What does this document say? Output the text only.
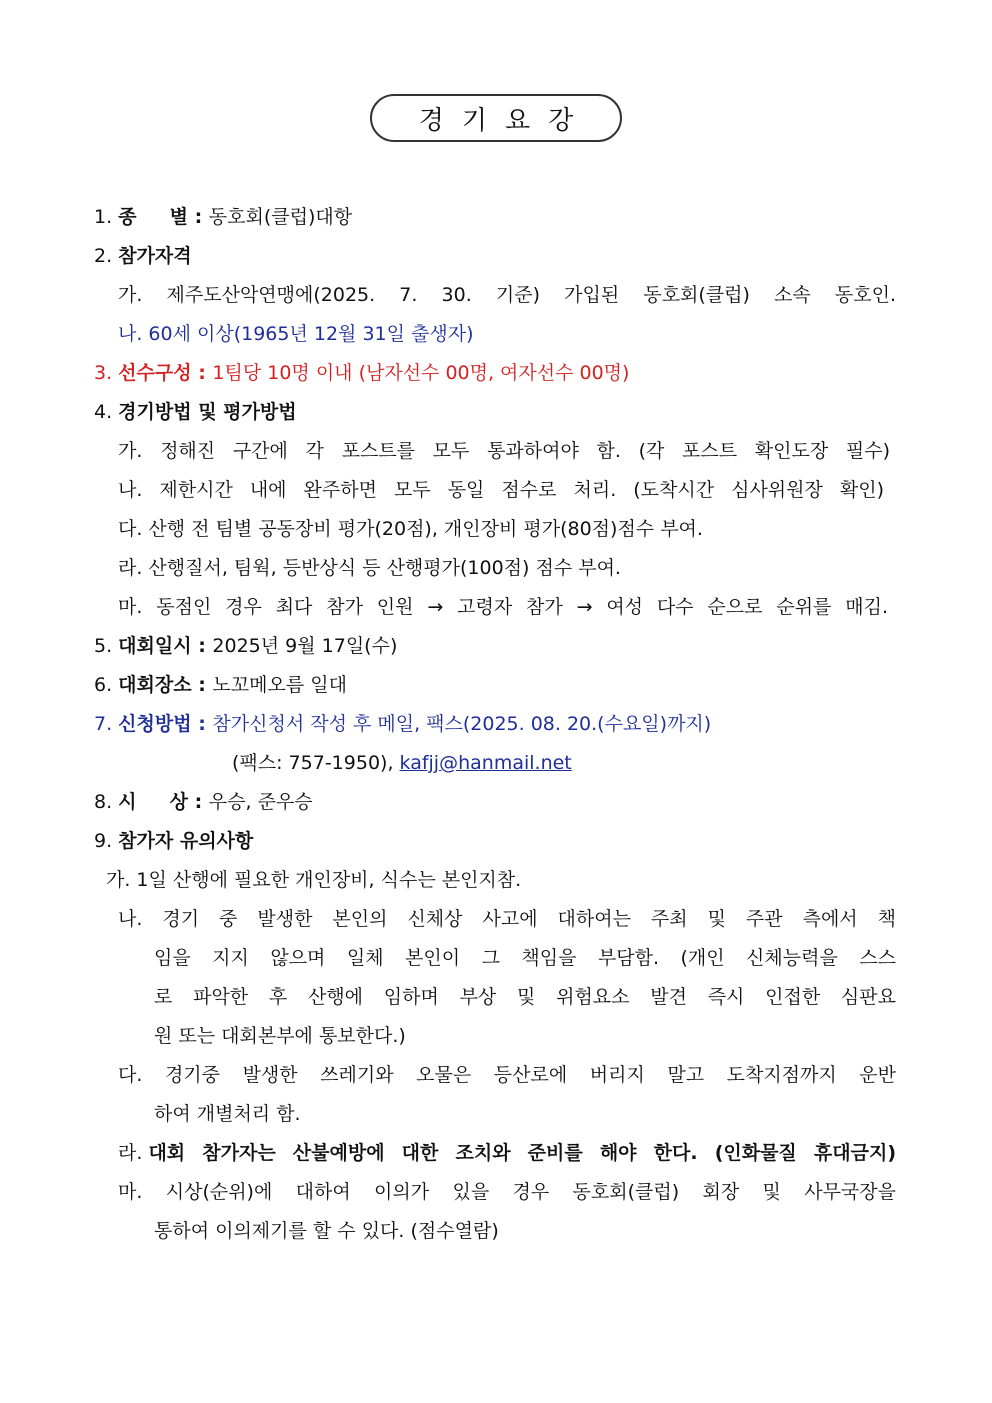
경기요강
1. 종     별 : 동호회(클럽)대항
2. 참가자격
가. 제주도산악연맹에(2025. 7. 30. 기준) 가입된 동호회(클럽) 소속 동호인.
나. 60세 이상(1965년 12월 31일 출생자)
3. 선수구성 : 1팀당 10명 이내 (남자선수 00명, 여자선수 00명)
4. 경기방법 및 평가방법
가. 정해진 구간에 각 포스트를 모두 통과하여야 함. (각 포스트 확인도장 필수)
나. 제한시간 내에 완주하면 모두 동일 점수로 처리. (도착시간 심사위원장 확인)
다. 산행 전 팀별 공동장비 평가(20점), 개인장비 평가(80점)점수 부여.
라. 산행질서, 팀웍, 등반상식 등 산행평가(100점) 점수 부여.
마. 동점인 경우 최다 참가 인원 → 고령자 참가 → 여성 다수 순으로 순위를 매김.
5. 대회일시 : 2025년 9월 17일(수)
6. 대회장소 : 노꼬메오름 일대
7. 신청방법 : 참가신청서 작성 후 메일, 팩스(2025. 08. 20.(수요일)까지)
(팩스: 757-1950), kafjj@hanmail.net
8. 시     상 : 우승, 준우승
9. 참가자 유의사항
가. 1일 산행에 필요한 개인장비, 식수는 본인지참.
나. 경기 중 발생한 본인의 신체상 사고에 대하여는 주최 및 주관 측에서 책
임을 지지 않으며 일체 본인이 그 책임을 부담함. (개인 신체능력을 스스
로 파악한 후 산행에 임하며 부상 및 위험요소 발견 즉시 인접한 심판요
원 또는 대회본부에 통보한다.)
다. 경기중 발생한 쓰레기와 오물은 등산로에 버리지 말고 도착지점까지 운반
하여 개별처리 함.
라. 대회 참가자는 산불예방에 대한 조치와 준비를 해야 한다. (인화물질 휴대금지)
마. 시상(순위)에 대하여 이의가 있을 경우 동호회(클럽) 회장 및 사무국장을
통하여 이의제기를 할 수 있다. (점수열람)
